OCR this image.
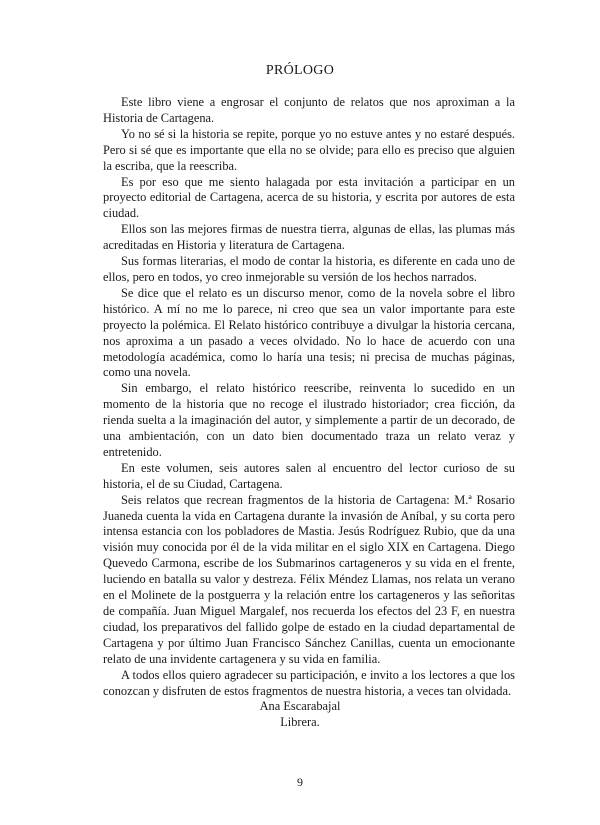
PRÓLOGO

Este libro viene a engrosar el conjunto de relatos que nos aproximan a la Historia de Cartagena.

Yo no sé si la historia se repite, porque yo no estuve antes y no estaré después. Pero si sé que es importante que ella no se olvide; para ello es preciso que alguien la escriba, que la reescriba.

Es por eso que me siento halagada por esta invitación a participar en un proyecto editorial de Cartagena, acerca de su historia, y escrita por autores de esta ciudad.

Ellos son las mejores firmas de nuestra tierra, algunas de ellas, las plumas más acreditadas en Historia y literatura de Cartagena.

Sus formas literarias, el modo de contar la historia, es diferente en cada uno de ellos, pero en todos, yo creo inmejorable su versión de los hechos narrados.

Se dice que el relato es un discurso menor, como de la novela sobre el libro histórico. A mí no me lo parece, ni creo que sea un valor importante para este proyecto la polémica. El Relato histórico contribuye a divulgar la historia cercana, nos aproxima a un pasado a veces olvidado. No lo hace de acuerdo con una metodología académica, como lo haría una tesis; ni precisa de muchas páginas, como una novela.

Sin embargo, el relato histórico reescribe, reinventa lo sucedido en un momento de la historia que no recoge el ilustrado historiador; crea ficción, da rienda suelta a la imaginación del autor, y simplemente a partir de un decorado, de una ambientación, con un dato bien documentado traza un relato veraz y entretenido.

En este volumen, seis autores salen al encuentro del lector curioso de su historia, el de su Ciudad, Cartagena.

Seis relatos que recrean fragmentos de la historia de Cartagena: M.ª Rosario Juaneda cuenta la vida en Cartagena durante la invasión de Aníbal, y su corta pero intensa estancia con los pobladores de Mastia. Jesús Rodríguez Rubio, que da una visión muy conocida por él de la vida militar en el siglo XIX en Cartagena. Diego Quevedo Carmona, escribe de los Submarinos cartageneros y su vida en el frente, luciendo en batalla su valor y destreza. Félix Méndez Llamas, nos relata un verano en el Molinete de la postguerra y la relación entre los cartageneros y las señoritas de compañía. Juan Miguel Margalef, nos recuerda los efectos del 23 F, en nuestra ciudad, los preparativos del fallido golpe de estado en la ciudad departamental de Cartagena y por último Juan Francisco Sánchez Canillas, cuenta un emocionante relato de una invidente cartagenera y su vida en familia.

A todos ellos quiero agradecer su participación, e invito a los lectores a que los conozcan y disfruten de estos fragmentos de nuestra historia, a veces tan olvidada.

Ana Escarabajal
Librera.
9
